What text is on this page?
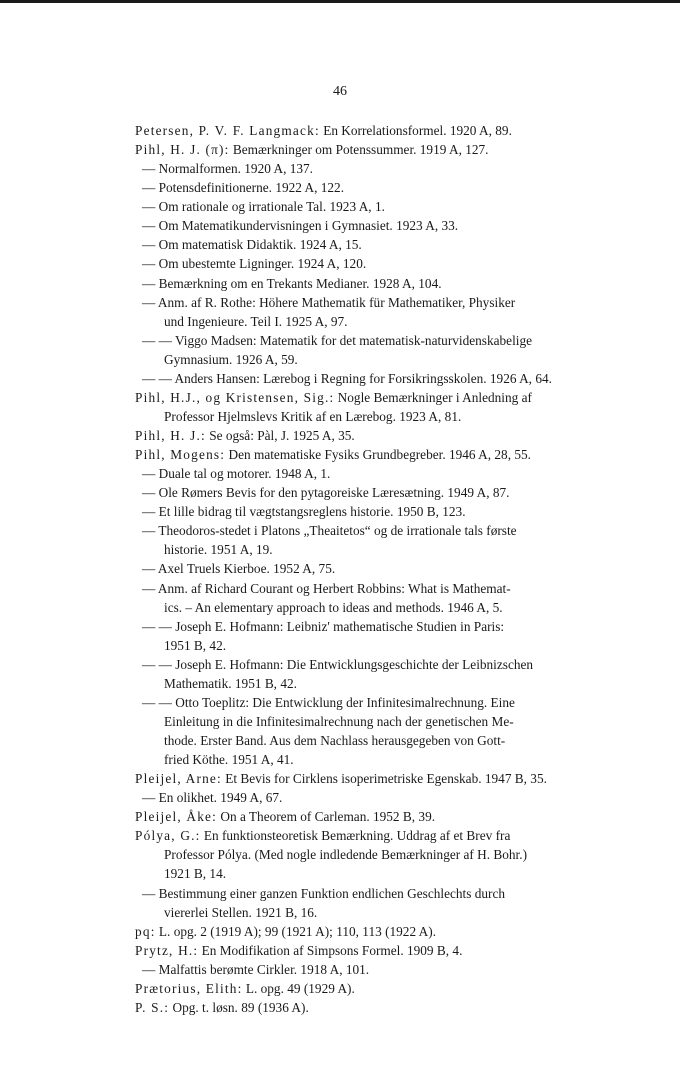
46
Petersen, P. V. F. Langmack: En Korrelationsformel. 1920 A, 89.
Pihl, H. J. (π): Bemærkninger om Potenssummer. 1919 A, 127.
— Normalformen. 1920 A, 137.
— Potensdefinitionerne. 1922 A, 122.
— Om rationale og irrationale Tal. 1923 A, 1.
— Om Matematikundervisningen i Gymnasiet. 1923 A, 33.
— Om matematisk Didaktik. 1924 A, 15.
— Om ubestemte Ligninger. 1924 A, 120.
— Bemærkning om en Trekants Medianer. 1928 A, 104.
— Anm. af R. Rothe: Höhere Mathematik für Mathematiker, Physiker
und Ingenieure. Teil I. 1925 A, 97.
— — Viggo Madsen: Matematik for det matematisk-naturvidenskabelige
Gymnasium. 1926 A, 59.
— — Anders Hansen: Lærebog i Regning for Forsikringsskolen. 1926 A, 64.
Pihl, H.J., og Kristensen, Sig.: Nogle Bemærkninger i Anledning af
Professor Hjelmslevs Kritik af en Lærebog. 1923 A, 81.
Pihl, H. J.: Se også: Pàl, J. 1925 A, 35.
Pihl, Mogens: Den matematiske Fysiks Grundbegreber. 1946 A, 28, 55.
— Duale tal og motorer. 1948 A, 1.
— Ole Rømers Bevis for den pytagoreiske Læresætning. 1949 A, 87.
— Et lille bidrag til vægtstangsreglens historie. 1950 B, 123.
— Theodoros-stedet i Platons „Theaitetos“ og de irrationale tals første
historie. 1951 A, 19.
— Axel Truels Kierboe. 1952 A, 75.
— Anm. af Richard Courant og Herbert Robbins: What is Mathemat-
ics. – An elementary approach to ideas and methods. 1946 A, 5.
— — Joseph E. Hofmann: Leibniz' mathematische Studien in Paris:
1951 B, 42.
— — Joseph E. Hofmann: Die Entwicklungsgeschichte der Leibnizschen
Mathematik. 1951 B, 42.
— — Otto Toeplitz: Die Entwicklung der Infinitesimalrechnung. Eine
Einleitung in die Infinitesimalrechnung nach der genetischen Me-
thode. Erster Band. Aus dem Nachlass herausgegeben von Gott-
fried Köthe. 1951 A, 41.
Pleijel, Arne: Et Bevis for Cirklens isoperimetriske Egenskab. 1947 B, 35.
— En olikhet. 1949 A, 67.
Pleijel, Åke: On a Theorem of Carleman. 1952 B, 39.
Pólya, G.: En funktionsteoretisk Bemærkning. Uddrag af et Brev fra
Professor Pólya. (Med nogle indledende Bemærkninger af H. Bohr.)
1921 B, 14.
— Bestimmung einer ganzen Funktion endlichen Geschlechts durch
viererlei Stellen. 1921 B, 16.
pq: L. opg. 2 (1919 A); 99 (1921 A); 110, 113 (1922 A).
Prytz, H.: En Modifikation af Simpsons Formel. 1909 B, 4.
— Malfattis berømte Cirkler. 1918 A, 101.
Prætorius, Elith: L. opg. 49 (1929 A).
P. S.: Opg. t. løsn. 89 (1936 A).
